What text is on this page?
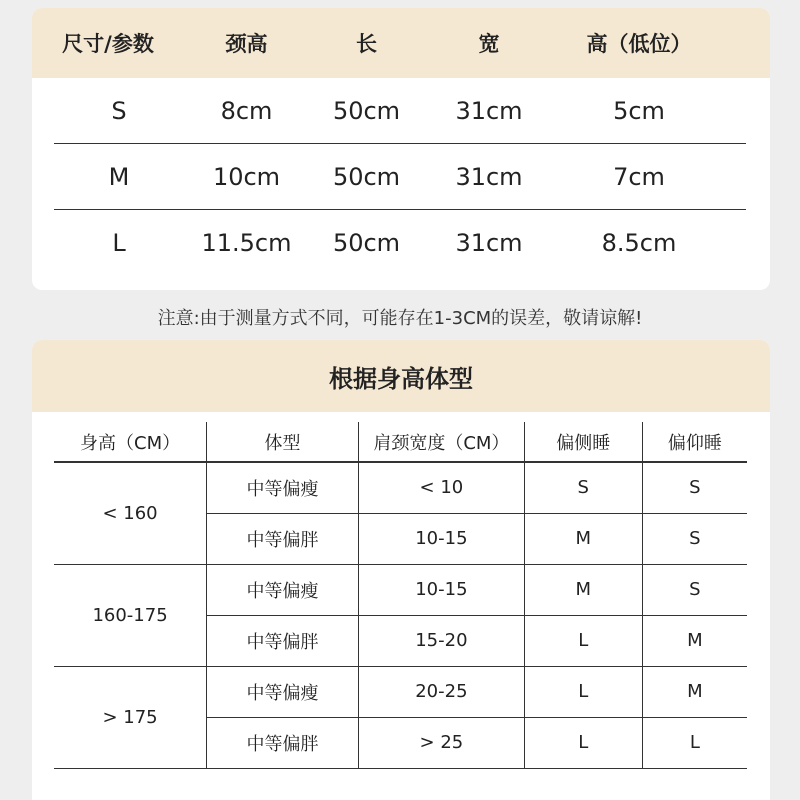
尺寸/参数	颈高	长	宽	高（低位）
S	8cm	50cm	31cm	5cm
M	10cm	50cm	31cm	7cm
L	11.5cm	50cm	31cm	8.5cm
注意:由于测量方式不同，可能存在1-3CM的误差，敬请谅解!
根据身高体型
身高（CM）	体型	肩颈宽度（CM）	偏侧睡	偏仰睡
< 160	中等偏瘦	< 10	S	S
	中等偏胖	10-15	M	S
160-175	中等偏瘦	10-15	M	S
	中等偏胖	15-20	L	M
> 175	中等偏瘦	20-25	L	M
	中等偏胖	> 25	L	L
